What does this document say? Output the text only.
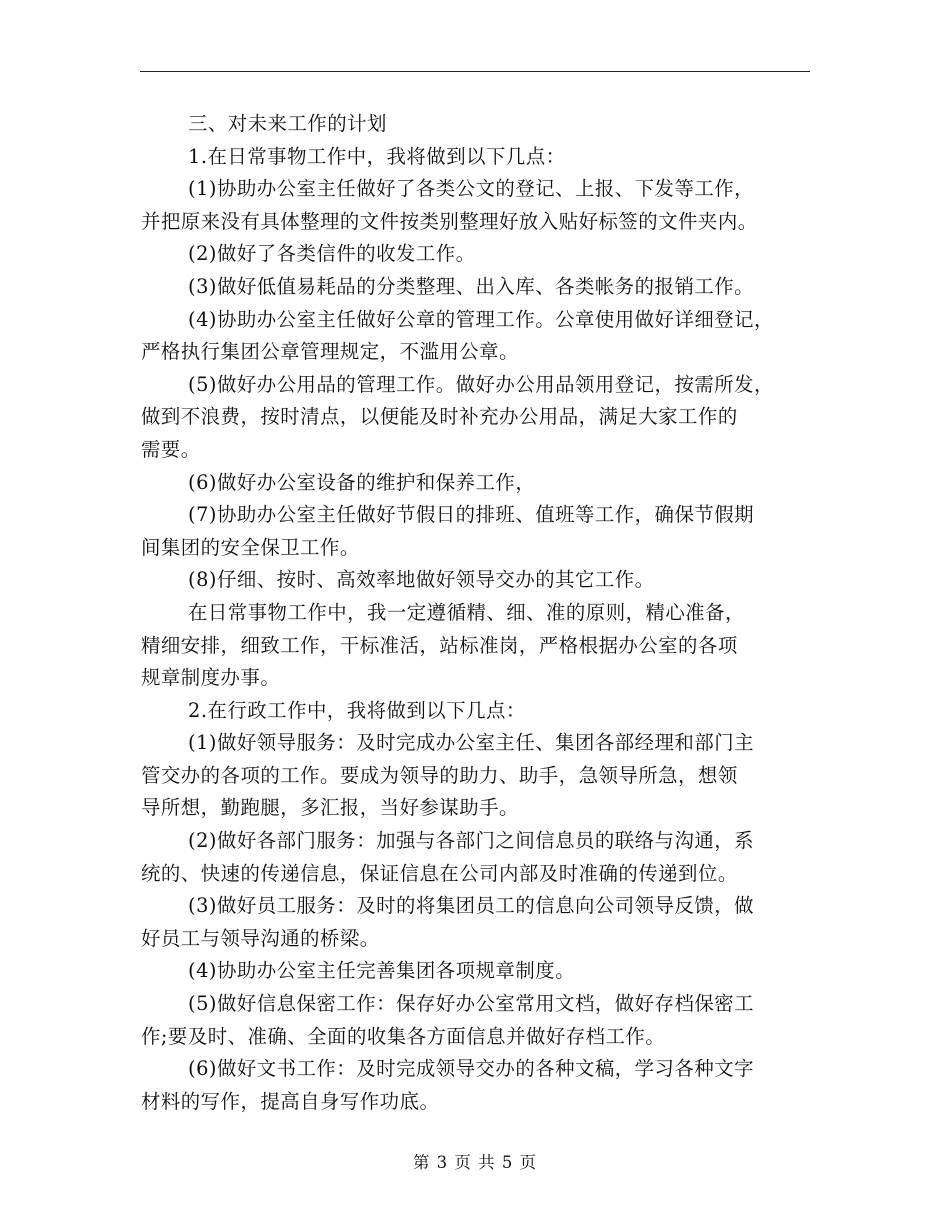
三、对未来工作的计划
1.在日常事物工作中，我将做到以下几点：
(1)协助办公室主任做好了各类公文的登记、上报、下发等工作，
并把原来没有具体整理的文件按类别整理好放入贴好标签的文件夹内。
(2)做好了各类信件的收发工作。
(3)做好低值易耗品的分类整理、出入库、各类帐务的报销工作。
(4)协助办公室主任做好公章的管理工作。公章使用做好详细登记，
严格执行集团公章管理规定，不滥用公章。
(5)做好办公用品的管理工作。做好办公用品领用登记，按需所发，
做到不浪费，按时清点，以便能及时补充办公用品，满足大家工作的
需要。
(6)做好办公室设备的维护和保养工作，
(7)协助办公室主任做好节假日的排班、值班等工作，确保节假期
间集团的安全保卫工作。
(8)仔细、按时、高效率地做好领导交办的其它工作。
在日常事物工作中，我一定遵循精、细、准的原则，精心准备，
精细安排，细致工作，干标准活，站标准岗，严格根据办公室的各项
规章制度办事。
2.在行政工作中，我将做到以下几点：
(1)做好领导服务：及时完成办公室主任、集团各部经理和部门主
管交办的各项的工作。要成为领导的助力、助手，急领导所急，想领
导所想，勤跑腿，多汇报，当好参谋助手。
(2)做好各部门服务：加强与各部门之间信息员的联络与沟通，系
统的、快速的传递信息，保证信息在公司内部及时准确的传递到位。
(3)做好员工服务：及时的将集团员工的信息向公司领导反馈，做
好员工与领导沟通的桥梁。
(4)协助办公室主任完善集团各项规章制度。
(5)做好信息保密工作：保存好办公室常用文档，做好存档保密工
作;要及时、准确、全面的收集各方面信息并做好存档工作。
(6)做好文书工作：及时完成领导交办的各种文稿，学习各种文字
材料的写作，提高自身写作功底。
第 3 页 共 5 页
